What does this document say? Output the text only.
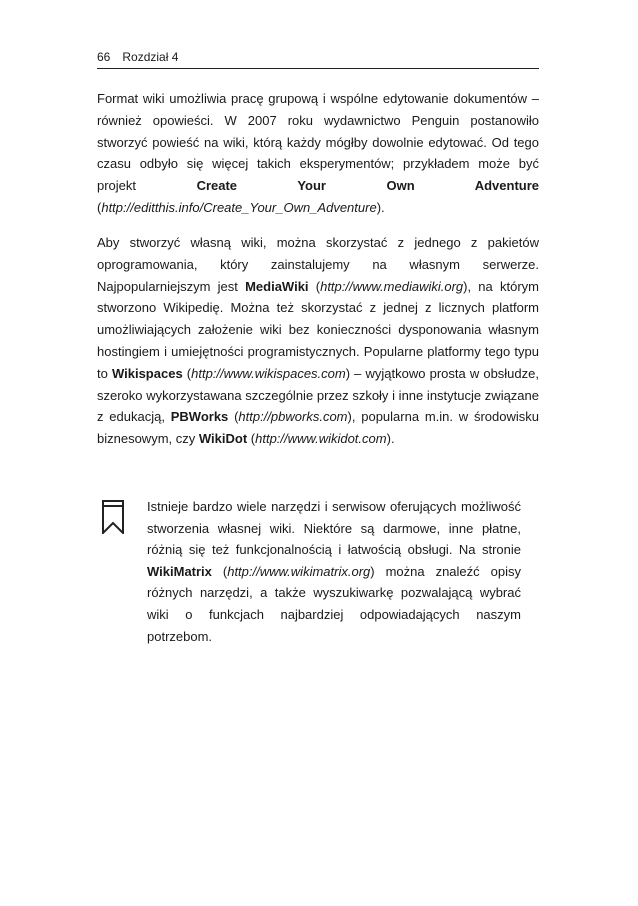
66 Rozdział 4

Format wiki umożliwia pracę grupową i wspólne edytowanie dokumentów – również opowieści. W 2007 roku wydawnictwo Penguin postanowiło stworzyć powieść na wiki, którą każdy mógłby dowolnie edytować. Od tego czasu odbyło się więcej takich eksperymentów; przykładem może być projekt Create Your Own Adventure (http://editthis.info/Create_Your_Own_Adventure).

Aby stworzyć własną wiki, można skorzystać z jednego z pakietów oprogramowania, który zainstalujemy na własnym serwerze. Najpopularniejszym jest MediaWiki (http://www.mediawiki.org), na którym stworzono Wikipedię. Można też skorzystać z jednej z licznych platform umożliwiających założenie wiki bez konieczności dysponowania własnym hostingiem i umiejętności programistycznych. Popularne platformy tego typu to Wikispaces (http://www.wikispaces.com) – wyjątkowo prosta w obsłudze, szeroko wykorzystawana szczególnie przez szkoły i inne instytucje związane z edukacją, PBWorks (http://pbworks.com), popularna m.in. w środowisku biznesowym, czy WikiDot (http://www.wikidot.com).

Istnieje bardzo wiele narzędzi i serwisow oferujących możliwość stworzenia własnej wiki. Niektóre są darmowe, inne płatne, różnią się też funkcjonalnością i łatwością obsługi. Na stronie WikiMatrix (http://www.wikimatrix.org) można znaleźć opisy różnych narzędzi, a także wyszukiwarkę pozwalającą wybrać wiki o funkcjach najbardziej odpowiadających naszym potrzebom.
